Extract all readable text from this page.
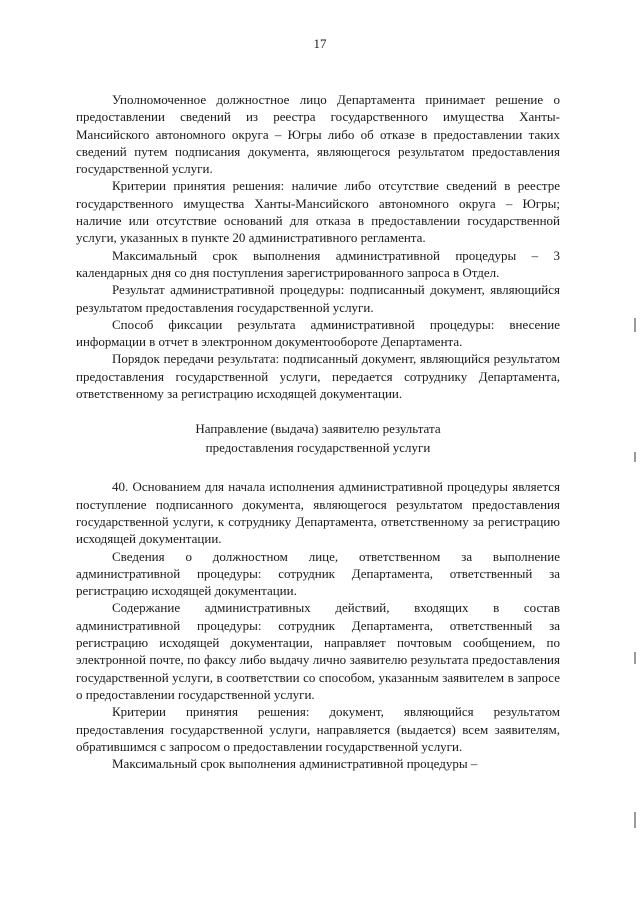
17

Уполномоченное должностное лицо Департамента принимает решение о предоставлении сведений из реестра государственного имущества Ханты-Мансийского автономного округа – Югры либо об отказе в предоставлении таких сведений путем подписания документа, являющегося результатом предоставления государственной услуги.

Критерии принятия решения: наличие либо отсутствие сведений в реестре государственного имущества Ханты-Мансийского автономного округа – Югры; наличие или отсутствие оснований для отказа в предоставлении государственной услуги, указанных в пункте 20 административного регламента.

Максимальный срок выполнения административной процедуры – 3 календарных дня со дня поступления зарегистрированного запроса в Отдел.

Результат административной процедуры: подписанный документ, являющийся результатом предоставления государственной услуги.

Способ фиксации результата административной процедуры: внесение информации в отчет в электронном документообороте Департамента.

Порядок передачи результата: подписанный документ, являющийся результатом предоставления государственной услуги, передается сотруднику Департамента, ответственному за регистрацию исходящей документации.

Направление (выдача) заявителю результата
предоставления государственной услуги

40. Основанием для начала исполнения административной процедуры является поступление подписанного документа, являющегося результатом предоставления государственной услуги, к сотруднику Департамента, ответственному за регистрацию исходящей документации.

Сведения о должностном лице, ответственном за выполнение административной процедуры: сотрудник Департамента, ответственный за регистрацию исходящей документации.

Содержание административных действий, входящих в состав административной процедуры: сотрудник Департамента, ответственный за регистрацию исходящей документации, направляет почтовым сообщением, по электронной почте, по факсу либо выдачу лично заявителю результата предоставления государственной услуги, в соответствии со способом, указанным заявителем в запросе о предоставлении государственной услуги.

Критерии принятия решения: документ, являющийся результатом предоставления государственной услуги, направляется (выдается) всем заявителям, обратившимся с запросом о предоставлении государственной услуги.

Максимальный срок выполнения административной процедуры –
